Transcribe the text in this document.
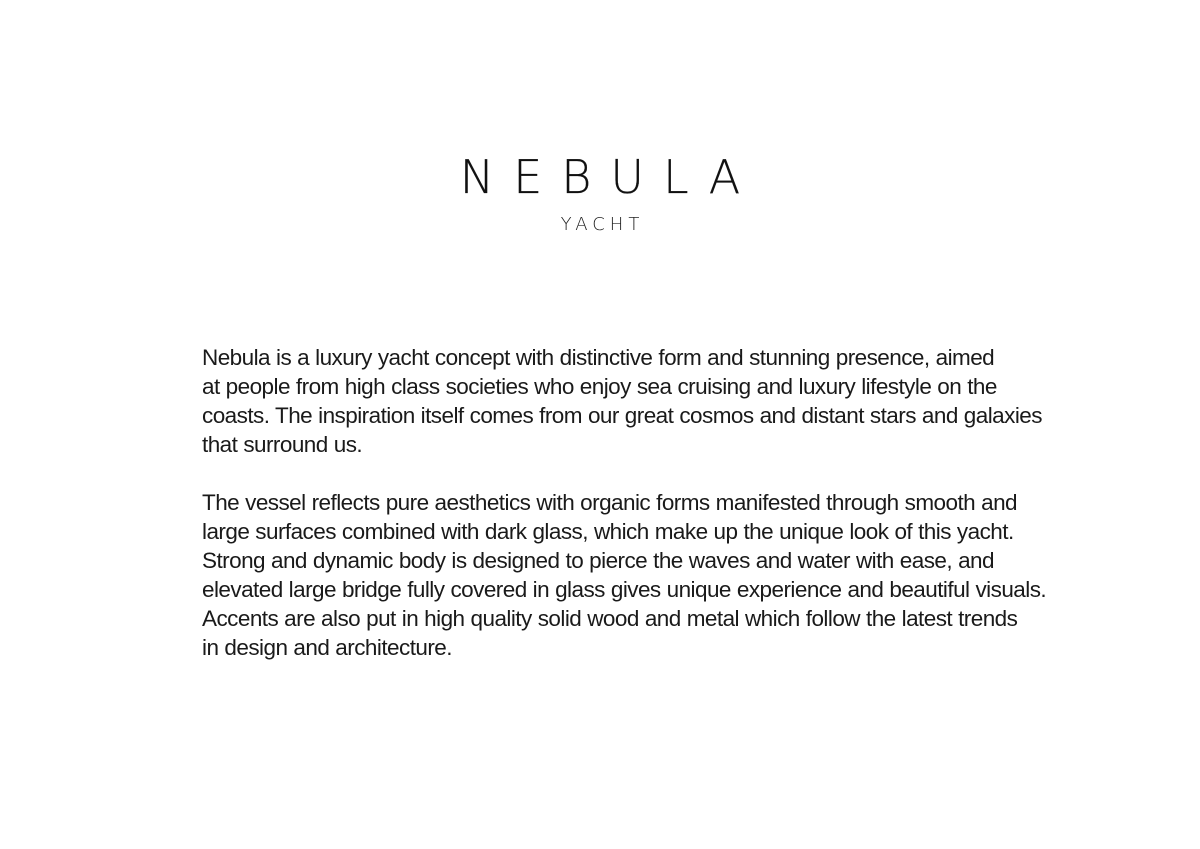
NEBULA
YACHT

Nebula is a luxury yacht concept with distinctive form and stunning presence, aimed
at people from high class societies who enjoy sea cruising and luxury lifestyle on the
coasts. The inspiration itself comes from our great cosmos and distant stars and galaxies
that surround us.

The vessel reflects pure aesthetics with organic forms manifested through smooth and
large surfaces combined with dark glass, which make up the unique look of this yacht.
Strong and dynamic body is designed to pierce the waves and water with ease, and
elevated large bridge fully covered in glass gives unique experience and beautiful visuals.
Accents are also put in high quality solid wood and metal which follow the latest trends
in design and architecture.
